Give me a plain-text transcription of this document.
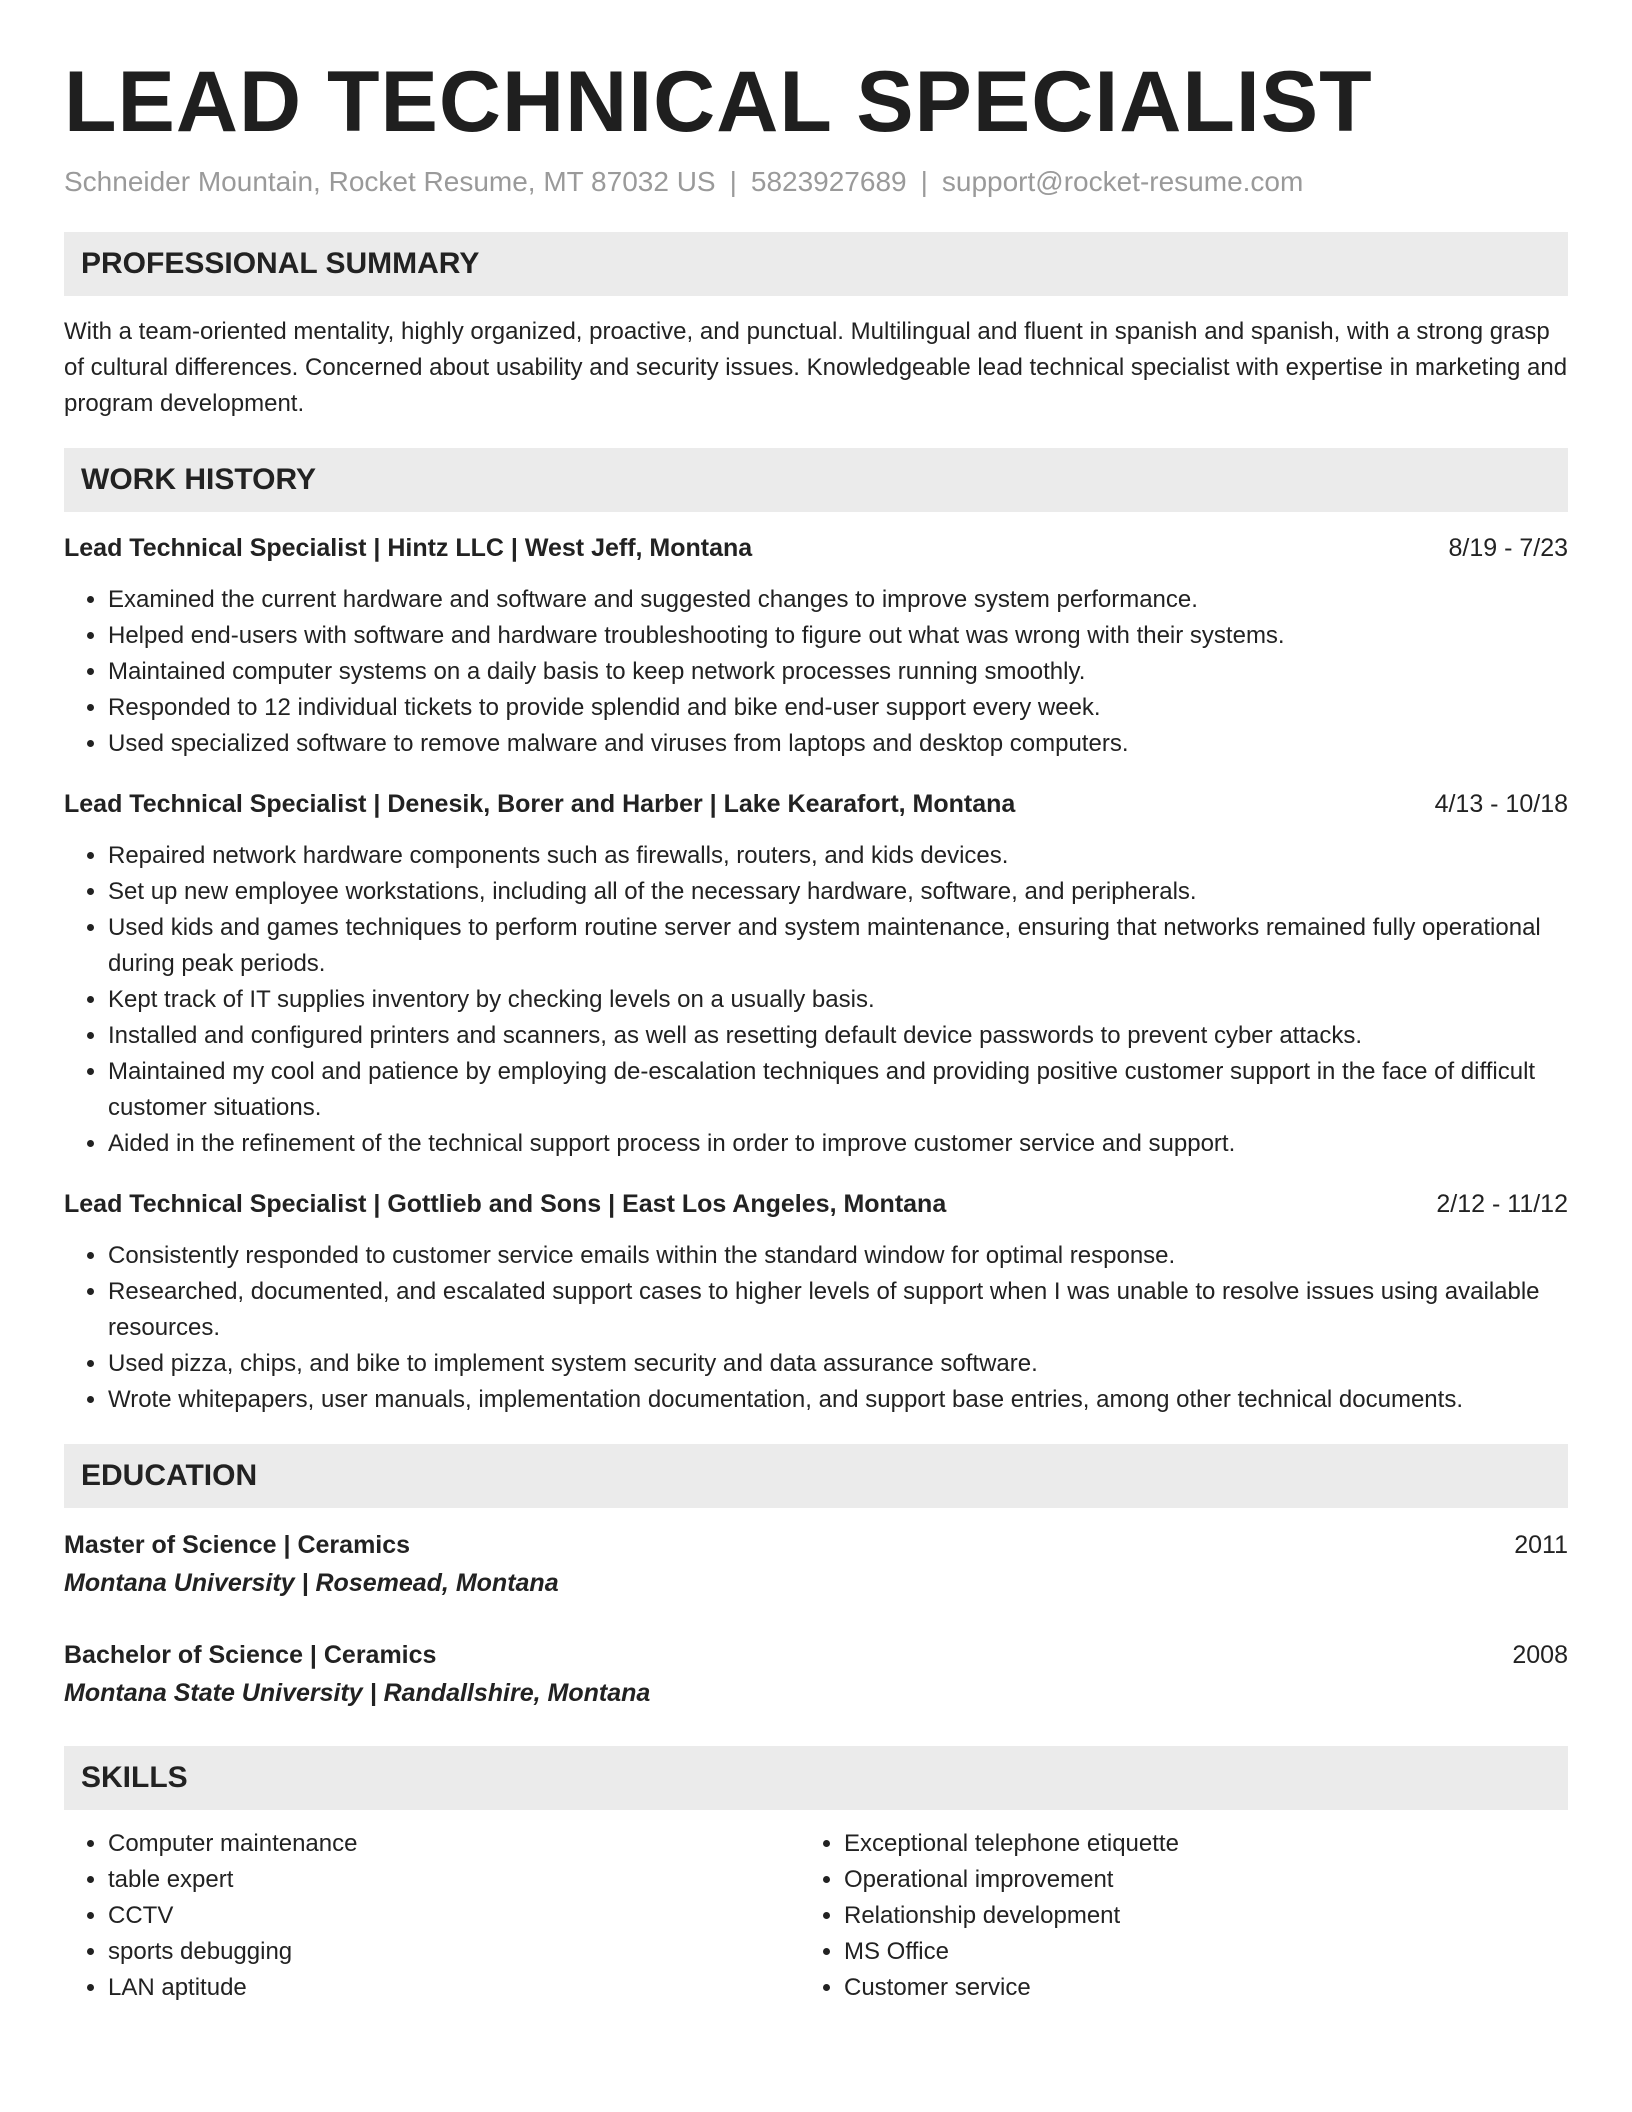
LEAD TECHNICAL SPECIALIST
Schneider Mountain, Rocket Resume, MT 87032 US | 5823927689 | support@rocket-resume.com
PROFESSIONAL SUMMARY
With a team-oriented mentality, highly organized, proactive, and punctual. Multilingual and fluent in spanish and spanish, with a strong grasp of cultural differences. Concerned about usability and security issues. Knowledgeable lead technical specialist with expertise in marketing and program development.
WORK HISTORY
Lead Technical Specialist | Hintz LLC | West Jeff, Montana	8/19 - 7/23
• Examined the current hardware and software and suggested changes to improve system performance.
• Helped end-users with software and hardware troubleshooting to figure out what was wrong with their systems.
• Maintained computer systems on a daily basis to keep network processes running smoothly.
• Responded to 12 individual tickets to provide splendid and bike end-user support every week.
• Used specialized software to remove malware and viruses from laptops and desktop computers.
Lead Technical Specialist | Denesik, Borer and Harber | Lake Kearafort, Montana	4/13 - 10/18
• Repaired network hardware components such as firewalls, routers, and kids devices.
• Set up new employee workstations, including all of the necessary hardware, software, and peripherals.
• Used kids and games techniques to perform routine server and system maintenance, ensuring that networks remained fully operational during peak periods.
• Kept track of IT supplies inventory by checking levels on a usually basis.
• Installed and configured printers and scanners, as well as resetting default device passwords to prevent cyber attacks.
• Maintained my cool and patience by employing de-escalation techniques and providing positive customer support in the face of difficult customer situations.
• Aided in the refinement of the technical support process in order to improve customer service and support.
Lead Technical Specialist | Gottlieb and Sons | East Los Angeles, Montana	2/12 - 11/12
• Consistently responded to customer service emails within the standard window for optimal response.
• Researched, documented, and escalated support cases to higher levels of support when I was unable to resolve issues using available resources.
• Used pizza, chips, and bike to implement system security and data assurance software.
• Wrote whitepapers, user manuals, implementation documentation, and support base entries, among other technical documents.
EDUCATION
Master of Science | Ceramics	2011
Montana University | Rosemead, Montana
Bachelor of Science | Ceramics	2008
Montana State University | Randallshire, Montana
SKILLS
• Computer maintenance
• table expert
• CCTV
• sports debugging
• LAN aptitude
• Exceptional telephone etiquette
• Operational improvement
• Relationship development
• MS Office
• Customer service
